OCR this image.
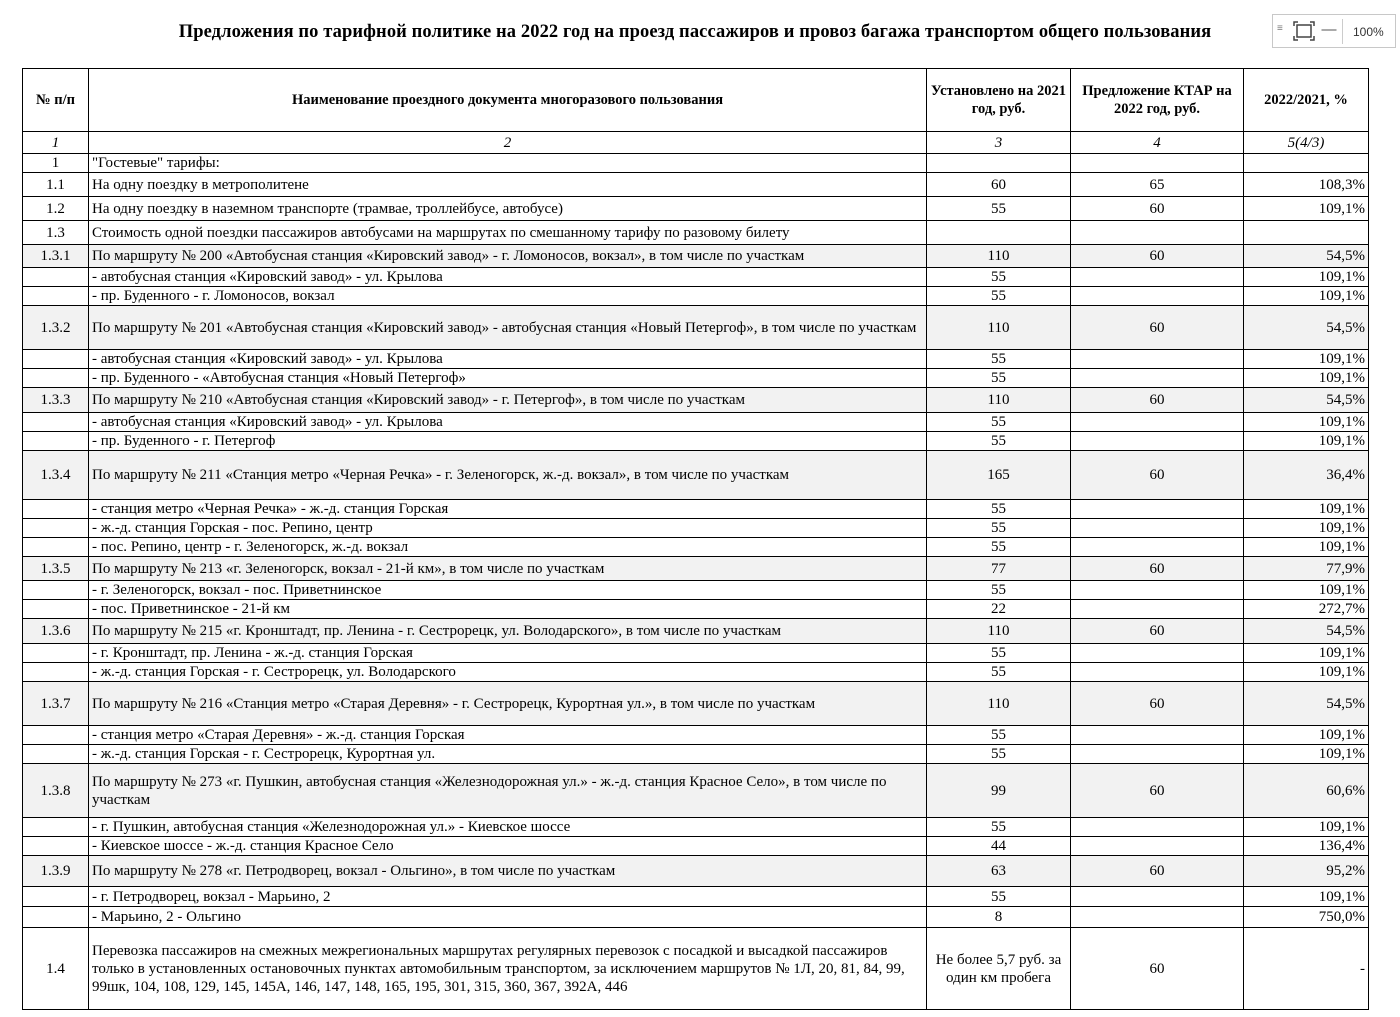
Предложения по тарифной политике на 2022 год на проезд пассажиров и провоз багажа транспортом общего пользования	≡	— 100%
№ п/п	Наименование проездного документа многоразового пользования	Установлено на 2021 год, руб.	Предложение КТАР на 2022 год, руб.	2022/2021, %
1	2	3	4	5(4/3)
1	"Гостевые" тарифы:			
1.1	На одну поездку в метрополитене	60	65	108,3%
1.2	На одну поездку в наземном транспорте (трамвае, троллейбусе, автобусе)	55	60	109,1%
1.3	Стоимость одной поездки пассажиров автобусами на маршрутах по смешанному тарифу по разовому билету			
1.3.1	По маршруту № 200 «Автобусная станция «Кировский завод» - г. Ломоносов, вокзал», в том числе по участкам	110	60	54,5%
	- автобусная станция «Кировский завод» - ул. Крылова	55		109,1%
	- пр. Буденного - г. Ломоносов, вокзал	55		109,1%
1.3.2	По маршруту № 201 «Автобусная станция «Кировский завод» - автобусная станция «Новый Петергоф», в том числе по участкам	110	60	54,5%
	- автобусная станция «Кировский завод» - ул. Крылова	55		109,1%
	- пр. Буденного - «Автобусная станция «Новый Петергоф»	55		109,1%
1.3.3	По маршруту № 210 «Автобусная станция «Кировский завод» - г. Петергоф», в том числе по участкам	110	60	54,5%
	- автобусная станция «Кировский завод» - ул. Крылова	55		109,1%
	- пр. Буденного - г. Петергоф	55		109,1%
1.3.4	По маршруту № 211 «Станция метро «Черная Речка» - г. Зеленогорск, ж.-д. вокзал», в том числе по участкам	165	60	36,4%
	- станция метро «Черная Речка» - ж.-д. станция Горская	55		109,1%
	- ж.-д. станция Горская - пос. Репино, центр	55		109,1%
	- пос. Репино, центр - г. Зеленогорск, ж.-д. вокзал	55		109,1%
1.3.5	По маршруту № 213 «г. Зеленогорск, вокзал - 21-й км», в том числе по участкам	77	60	77,9%
	- г. Зеленогорск, вокзал - пос. Приветнинское	55		109,1%
	- пос. Приветнинское - 21-й км	22		272,7%
1.3.6	По маршруту № 215 «г. Кронштадт, пр. Ленина - г. Сестрорецк, ул. Володарского», в том числе по участкам	110	60	54,5%
	- г. Кронштадт, пр. Ленина - ж.-д. станция Горская	55		109,1%
	- ж.-д. станция Горская - г. Сестрорецк, ул. Володарского	55		109,1%
1.3.7	По маршруту № 216 «Станция метро «Старая Деревня» - г. Сестрорецк, Курортная ул.», в том числе по участкам	110	60	54,5%
	- станция метро «Старая Деревня» - ж.-д. станция Горская	55		109,1%
	- ж.-д. станция Горская - г. Сестрорецк, Курортная ул.	55		109,1%
1.3.8	По маршруту № 273 «г. Пушкин, автобусная станция «Железнодорожная ул.» - ж.-д. станция Красное Село», в том числе по участкам	99	60	60,6%
	- г. Пушкин, автобусная станция «Железнодорожная ул.» - Киевское шоссе	55		109,1%
	- Киевское шоссе - ж.-д. станция Красное Село	44		136,4%
1.3.9	По маршруту № 278 «г. Петродворец, вокзал - Ольгино», в том числе по участкам	63	60	95,2%
	- г. Петродворец, вокзал - Марьино, 2	55		109,1%
	- Марьино, 2 - Ольгино	8		750,0%
1.4	Перевозка пассажиров на смежных межрегиональных маршрутах регулярных перевозок с посадкой и высадкой пассажиров только в установленных остановочных пунктах автомобильным транспортом, за исключением маршрутов № 1Л, 20, 81, 84, 99, 99шк, 104, 108, 129, 145, 145А, 146, 147, 148, 165, 195, 301, 315, 360, 367, 392А, 446	Не более 5,7 руб. за один км пробега	60	-
